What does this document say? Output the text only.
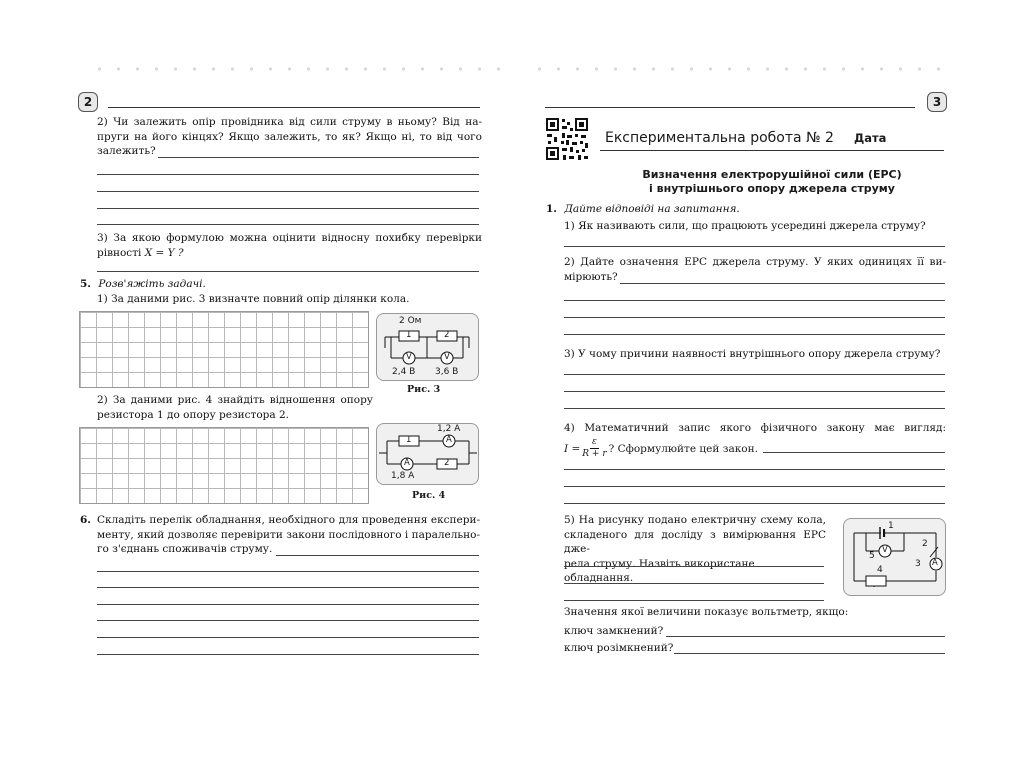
2
2) Чи залежить опір провідника від сили струму в ньому? Від на-
пруги на його кінцях? Якщо залежить, то як? Якщо ні, то від чого
залежить?
3) За якою формулою можна оцінити відносну похибку перевірки
рівності X = Y ?
5. Розв'яжіть задачі.
1) За даними рис. 3 визначте повний опір ділянки кола.
2 Ом
1	2
V	V
2,4 В 3,6 В
Рис. 3
2) За даними рис. 4 знайдіть відношення опору
резистора 1 до опору резистора 2.
1,2 А
1	A
A	2
1,8 А
Рис. 4
6. Складіть перелік обладнання, необхідного для проведення експери-
менту, який дозволяє перевірити закони послідовного і паралельно-
го з'єднань споживачів струму.
3
Експериментальна робота № 2 Дата
Визначення електрорушійної сили (ЕРС)
і внутрішнього опору джерела струму
1. Дайте відповіді на запитання.
1) Як називають сили, що працюють усередині джерела струму?
2) Дайте означення ЕРС джерела струму. У яких одиницях її ви-
мірюють?
3) У чому причини наявності внутрішнього опору джерела струму?
4) Математичний запис якого фізичного закону має вигляд:
$I = \frac{\varepsilon}{R + r}$ ? Сформулюйте цей закон.
5) На рисунку подано електричну схему кола,
складеного для досліду з вимірювання ЕРС дже-
рела струму. Назвіть використане обладнання.
1
2
5
V
3 A
4
Значення якої величини показує вольтметр, якщо:
ключ замкнений?
ключ розімкнений?
